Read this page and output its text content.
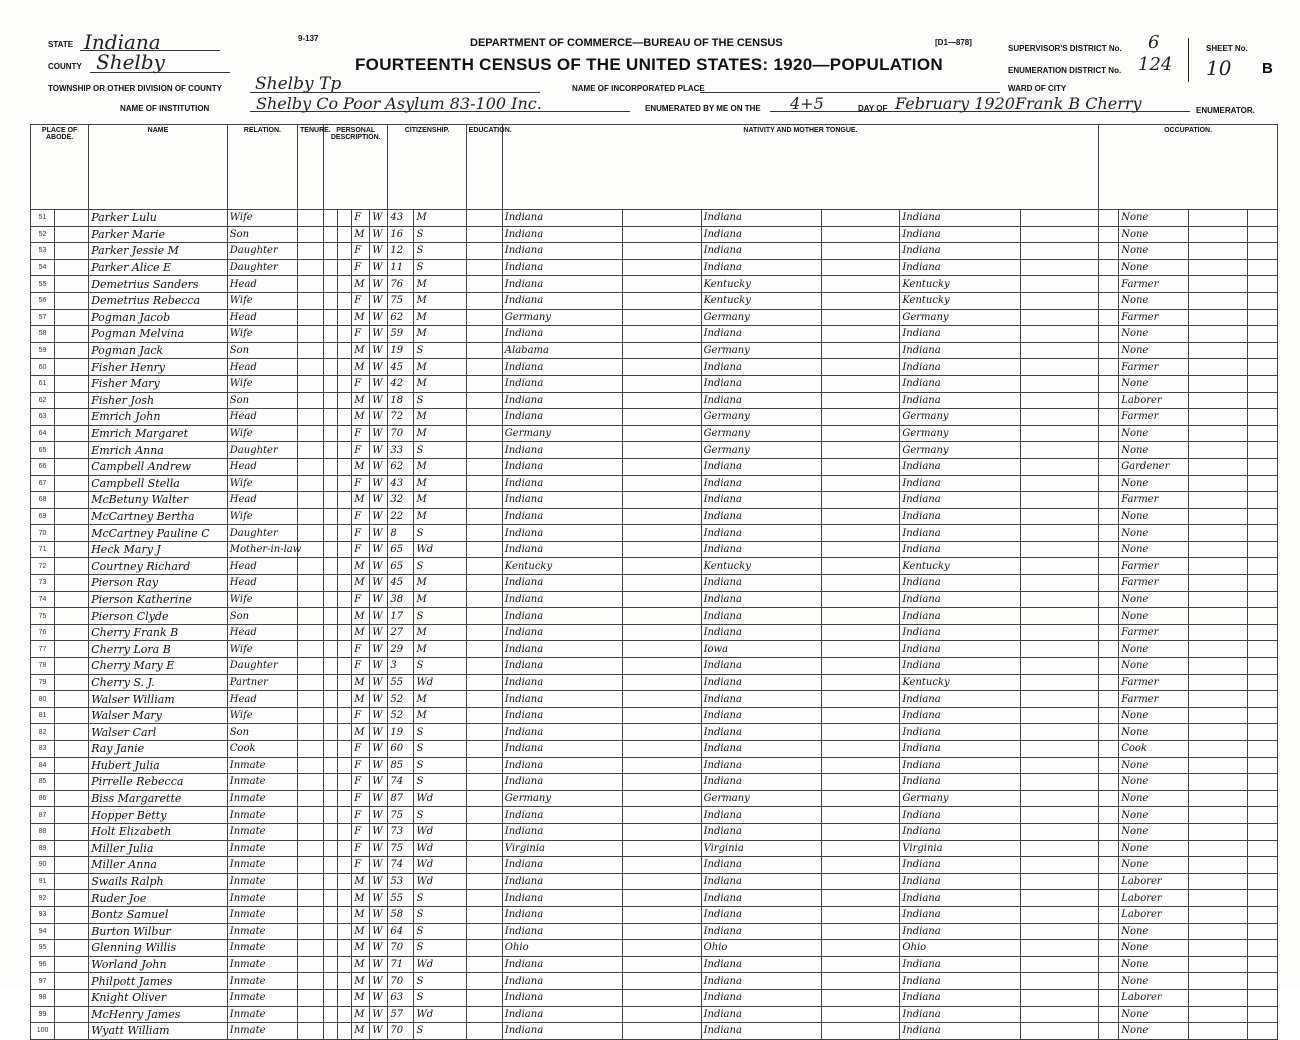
STATE Indiana
COUNTY Shelby
9-137	DEPARTMENT OF COMMERCE—BUREAU OF THE CENSUS	[D1—878]
FOURTEENTH CENSUS OF THE UNITED STATES: 1920—POPULATION
TOWNSHIP OR OTHER DIVISION OF COUNTY Shelby Tp	NAME OF INCORPORATED PLACE
NAME OF INSTITUTION	Shelby Co Poor Asylum 83-100 Inc.	ENUMERATED BY ME ON THE 4+5	DAY OF February 1920 Frank B Cherry	ENUMERATOR.
SUPERVISOR'S DISTRICT No. 6
ENUMERATION DISTRICT No. 124
WARD OF CITY
SHEET No.
10 B
PLACE OF ABODE.		NAME	RELATION.	TENURE.	PERSONAL DESCRIPTION.				CITIZENSHIP.		EDUCATION.	NATIVITY AND MOTHER TONGUE.						OCCUPATION.			
51		Parker Lulu	Wife				F	W	43	M		Indiana		Indiana		Indiana			None		
52		Parker Marie	Son				M	W	16	S		Indiana		Indiana		Indiana			None		
53		Parker Jessie M	Daughter				F	W	12	S		Indiana		Indiana		Indiana			None		
54		Parker Alice E	Daughter				F	W	11	S		Indiana		Indiana		Indiana			None		
55		Demetrius Sanders	Head				M	W	76	M		Indiana		Kentucky		Kentucky			Farmer		
56		Demetrius Rebecca	Wife				F	W	75	M		Indiana		Kentucky		Kentucky			None		
57		Pogman Jacob	Head				M	W	62	M		Germany		Germany		Germany			Farmer		
58		Pogman Melvina	Wife				F	W	59	M		Indiana		Indiana		Indiana			None		
59		Pogman Jack	Son				M	W	19	S		Alabama		Germany		Indiana			None		
60		Fisher Henry	Head				M	W	45	M		Indiana		Indiana		Indiana			Farmer		
61		Fisher Mary	Wife				F	W	42	M		Indiana		Indiana		Indiana			None		
62		Fisher Josh	Son				M	W	18	S		Indiana		Indiana		Indiana			Laborer		
63		Emrich John	Head				M	W	72	M		Indiana		Germany		Germany			Farmer		
64		Emrich Margaret	Wife				F	W	70	M		Germany		Germany		Germany			None		
65		Emrich Anna	Daughter				F	W	33	S		Indiana		Germany		Germany			None		
66		Campbell Andrew	Head				M	W	62	M		Indiana		Indiana		Indiana			Gardener		
67		Campbell Stella	Wife				F	W	43	M		Indiana		Indiana		Indiana			None		
68		McBetuny Walter	Head				M	W	32	M		Indiana		Indiana		Indiana			Farmer		
69		McCartney Bertha	Wife				F	W	22	M		Indiana		Indiana		Indiana			None		
70		McCartney Pauline C	Daughter				F	W	8	S		Indiana		Indiana		Indiana			None		
71		Heck Mary J	Mother-in-law				F	W	65	Wd		Indiana		Indiana		Indiana			None		
72		Courtney Richard	Head				M	W	65	S		Kentucky		Kentucky		Kentucky			Farmer		
73		Pierson Ray	Head				M	W	45	M		Indiana		Indiana		Indiana			Farmer		
74		Pierson Katherine	Wife				F	W	38	M		Indiana		Indiana		Indiana			None		
75		Pierson Clyde	Son				M	W	17	S		Indiana		Indiana		Indiana			None		
76		Cherry Frank B	Head				M	W	27	M		Indiana		Indiana		Indiana			Farmer		
77		Cherry Lora B	Wife				F	W	29	M		Indiana		Iowa		Indiana			None		
78		Cherry Mary E	Daughter				F	W	3	S		Indiana		Indiana		Indiana			None		
79		Cherry S. J.	Partner				M	W	55	Wd		Indiana		Indiana		Kentucky			Farmer		
80		Walser William	Head				M	W	52	M		Indiana		Indiana		Indiana			Farmer		
81		Walser Mary	Wife				F	W	52	M		Indiana		Indiana		Indiana			None		
82		Walser Carl	Son				M	W	19	S		Indiana		Indiana		Indiana			None		
83		Ray Janie	Cook				F	W	60	S		Indiana		Indiana		Indiana			Cook		
84		Hubert Julia	Inmate				F	W	85	S		Indiana		Indiana		Indiana			None		
85		Pirrelle Rebecca	Inmate				F	W	74	S		Indiana		Indiana		Indiana			None		
86		Biss Margarette	Inmate				F	W	87	Wd		Germany		Germany		Germany			None		
87		Hopper Betty	Inmate				F	W	75	S		Indiana		Indiana		Indiana			None		
88		Holt Elizabeth	Inmate				F	W	73	Wd		Indiana		Indiana		Indiana			None		
89		Miller Julia	Inmate				F	W	75	Wd		Virginia		Virginia		Virginia			None		
90		Miller Anna	Inmate				F	W	74	Wd		Indiana		Indiana		Indiana			None		
91		Swails Ralph	Inmate				M	W	53	Wd		Indiana		Indiana		Indiana			Laborer		
92		Ruder Joe	Inmate				M	W	55	S		Indiana		Indiana		Indiana			Laborer		
93		Bontz Samuel	Inmate				M	W	58	S		Indiana		Indiana		Indiana			Laborer		
94		Burton Wilbur	Inmate				M	W	64	S		Indiana		Indiana		Indiana			None		
95		Glenning Willis	Inmate				M	W	70	S		Ohio		Ohio		Ohio			None		
96		Worland John	Inmate				M	W	71	Wd		Indiana		Indiana		Indiana			None		
97		Philpott James	Inmate				M	W	70	S		Indiana		Indiana		Indiana			None		
98		Knight Oliver	Inmate				M	W	63	S		Indiana		Indiana		Indiana			Laborer		
99		McHenry James	Inmate				M	W	57	Wd		Indiana		Indiana		Indiana			None		
100		Wyatt William	Inmate				M	W	70	S		Indiana		Indiana		Indiana			None		
